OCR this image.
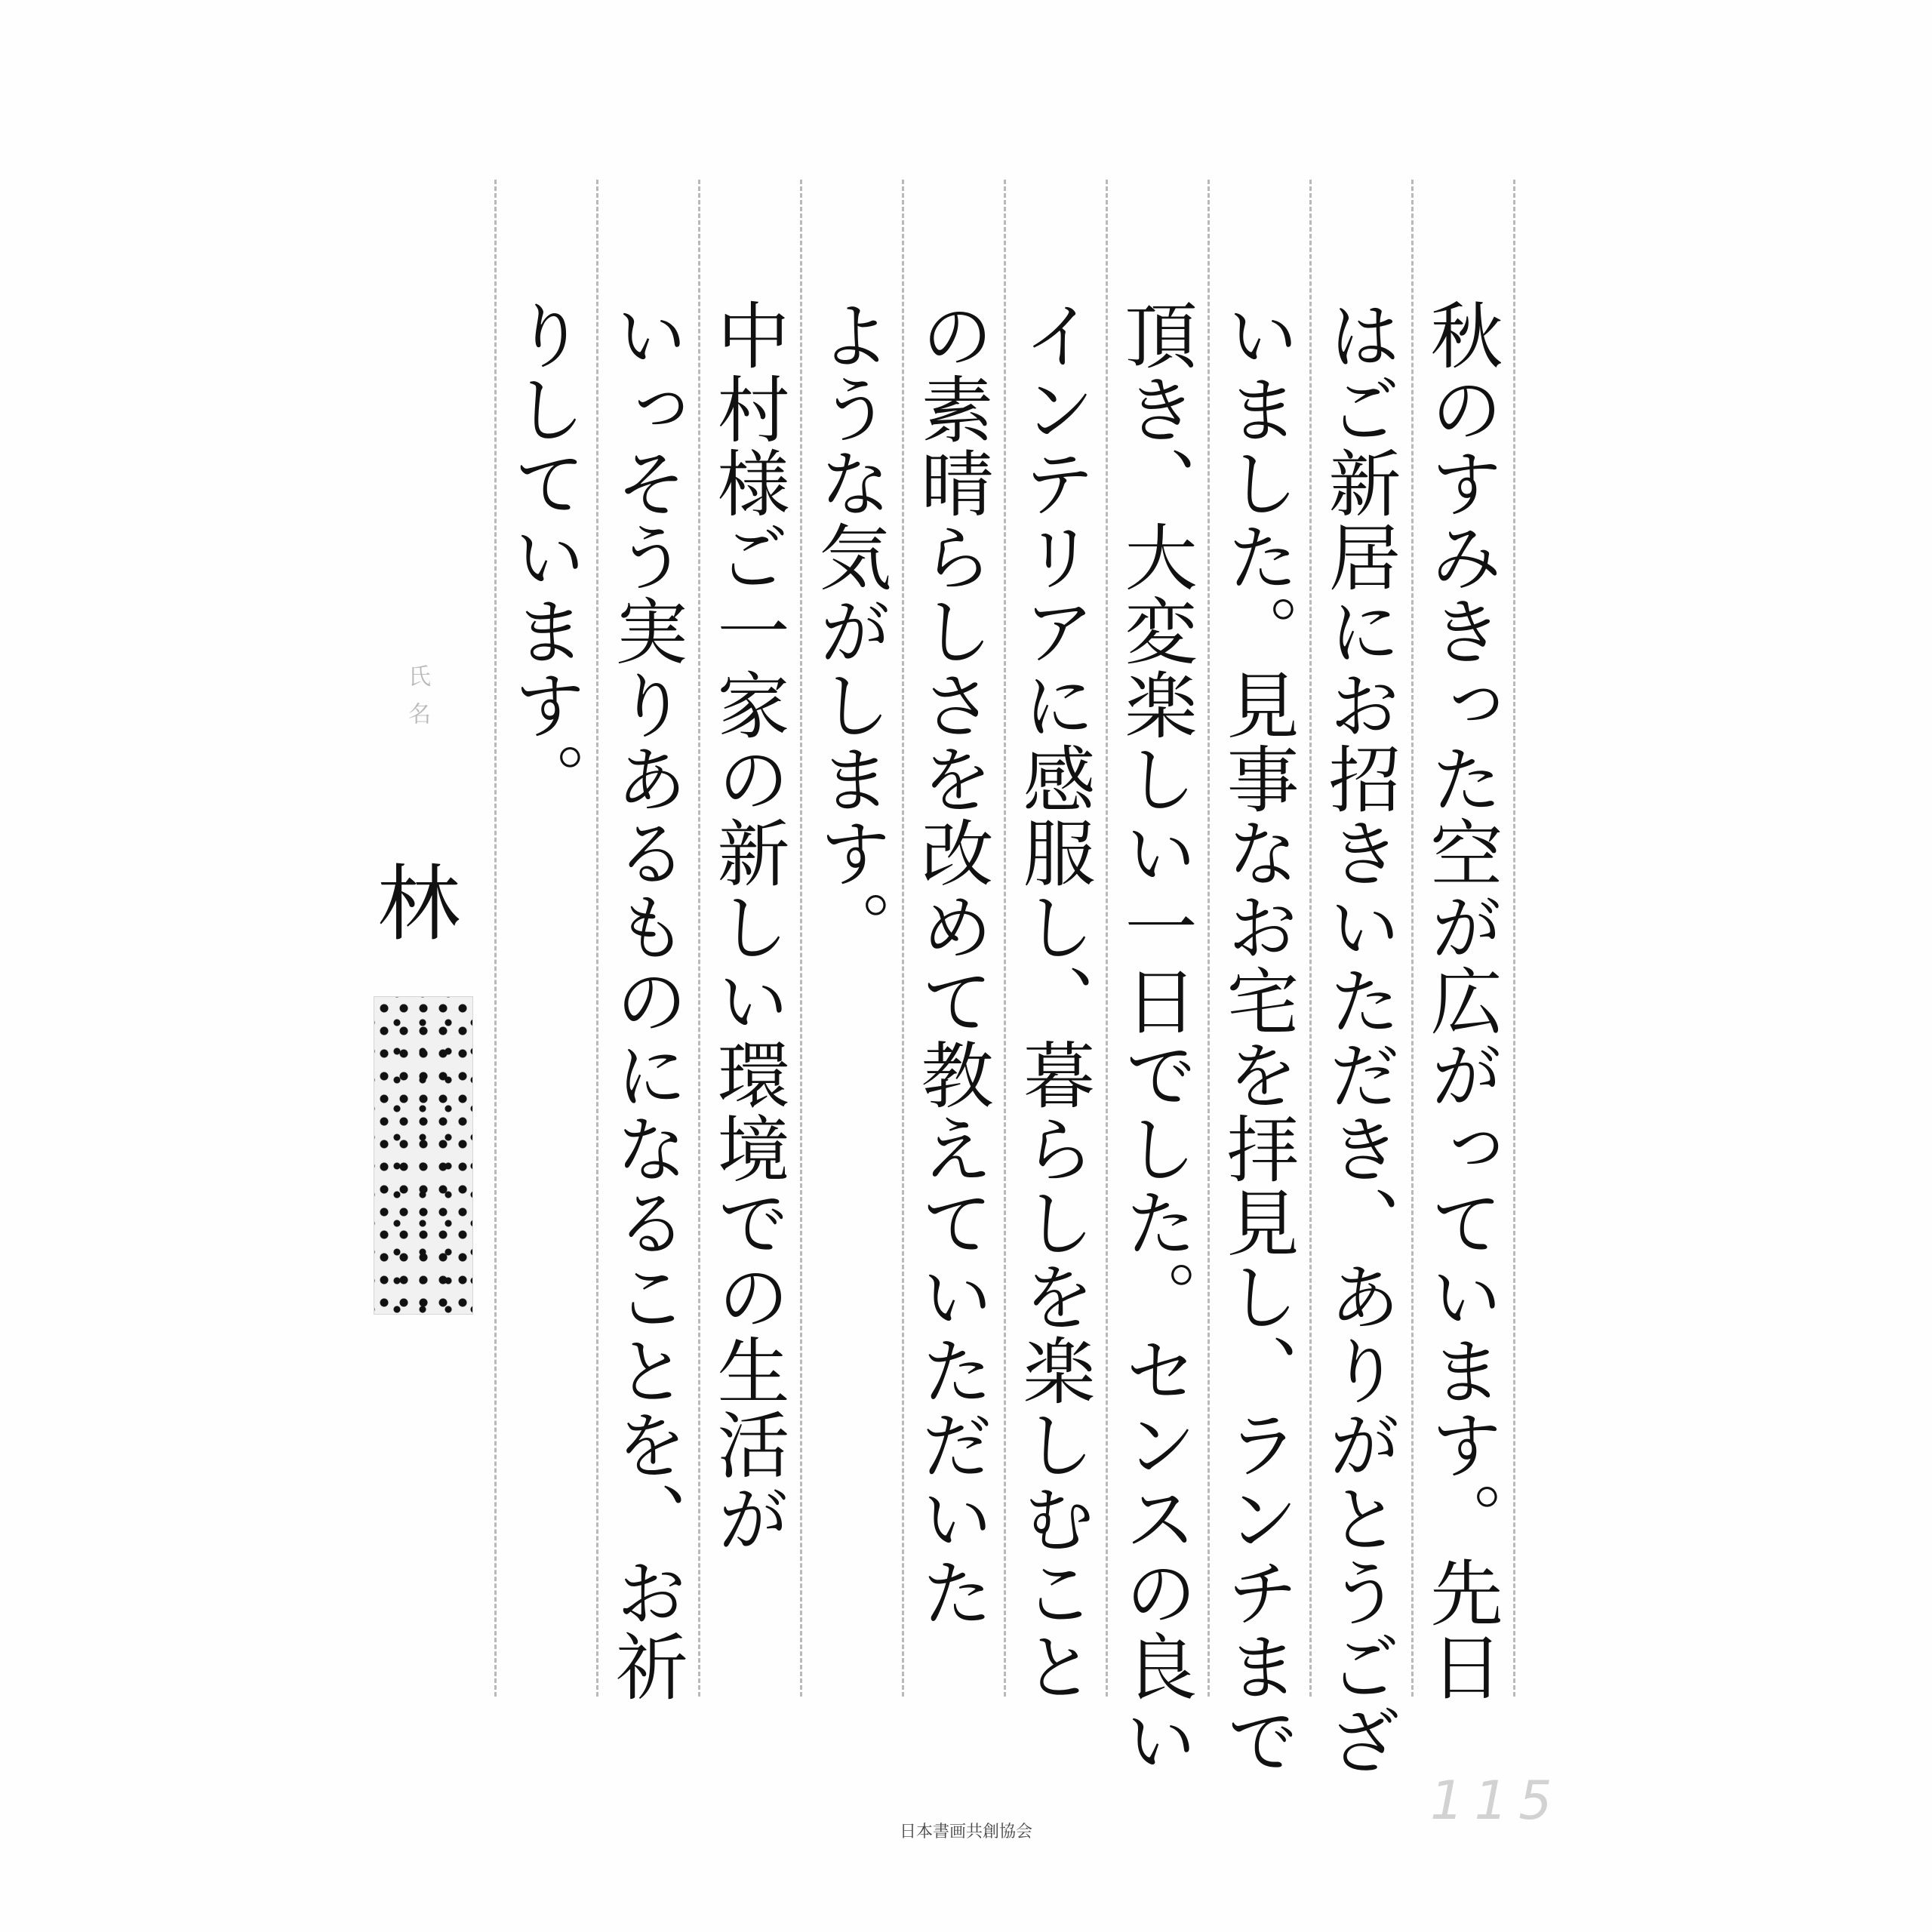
秋のすみきった空が広がっています。先日
はご新居にお招きいただき、ありがとうござ
いました。見事なお宅を拝見し、ランチまで
頂き、大変楽しい一日でした。センスの良い
インテリアに感服し、暮らしを楽しむこと
の素晴らしさを改めて教えていただいた
ような気がします。
中村様ご一家の新しい環境での生活が
いっそう実りあるものになることを、お祈
りしています。
氏名
林
115
日本書画共創協会
